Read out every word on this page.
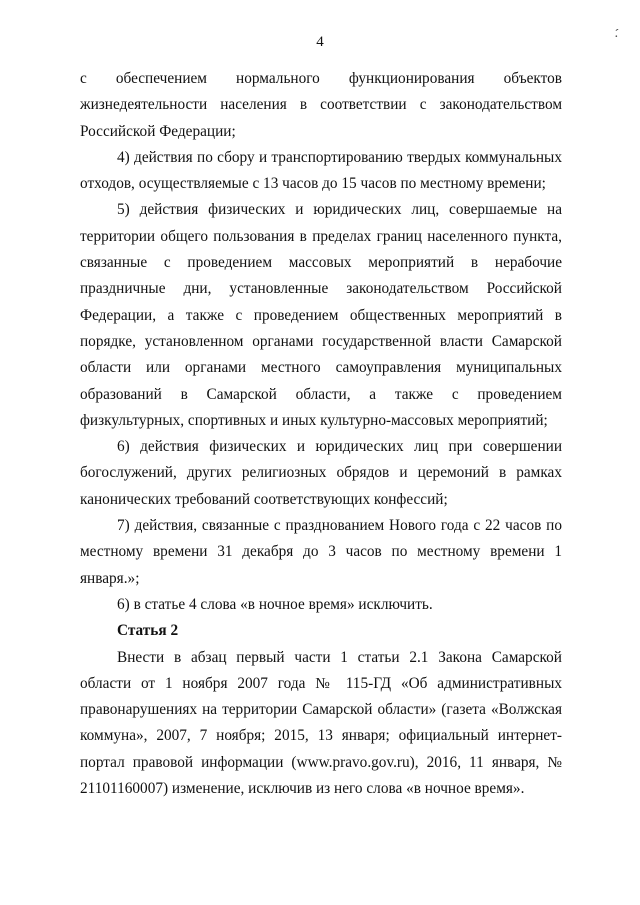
4	·́

с обеспечением нормального функционирования объектов жизнедеятельности населения в соответствии с законодательством Российской Федерации;

4) действия по сбору и транспортированию твердых коммунальных отходов, осуществляемые с 13 часов до 15 часов по местному времени;

5) действия физических и юридических лиц, совершаемые на территории общего пользования в пределах границ населенного пункта, связанные с проведением массовых мероприятий в нерабочие праздничные дни, установленные законодательством Российской Федерации, а также с проведением общественных мероприятий в порядке, установленном органами государственной власти Самарской области или органами местного самоуправления муниципальных образований в Самарской области, а также с проведением физкультурных, спортивных и иных культурно-массовых мероприятий;

6) действия физических и юридических лиц при совершении богослужений, других религиозных обрядов и церемоний в рамках канонических требований соответствующих конфессий;

7) действия, связанные с празднованием Нового года с 22 часов по местному времени 31 декабря до 3 часов по местному времени 1 января.»;

6) в статье 4 слова «в ночное время» исключить.

Статья 2

Внести в абзац первый части 1 статьи 2.1 Закона Самарской области от 1 ноября 2007 года № 115-ГД «Об административных правонарушениях на территории Самарской области» (газета «Волжская коммуна», 2007, 7 ноября; 2015, 13 января; официальный интернет-портал правовой информации (www.pravo.gov.ru), 2016, 11 января, № 21101160007) изменение, исключив из него слова «в ночное время».
